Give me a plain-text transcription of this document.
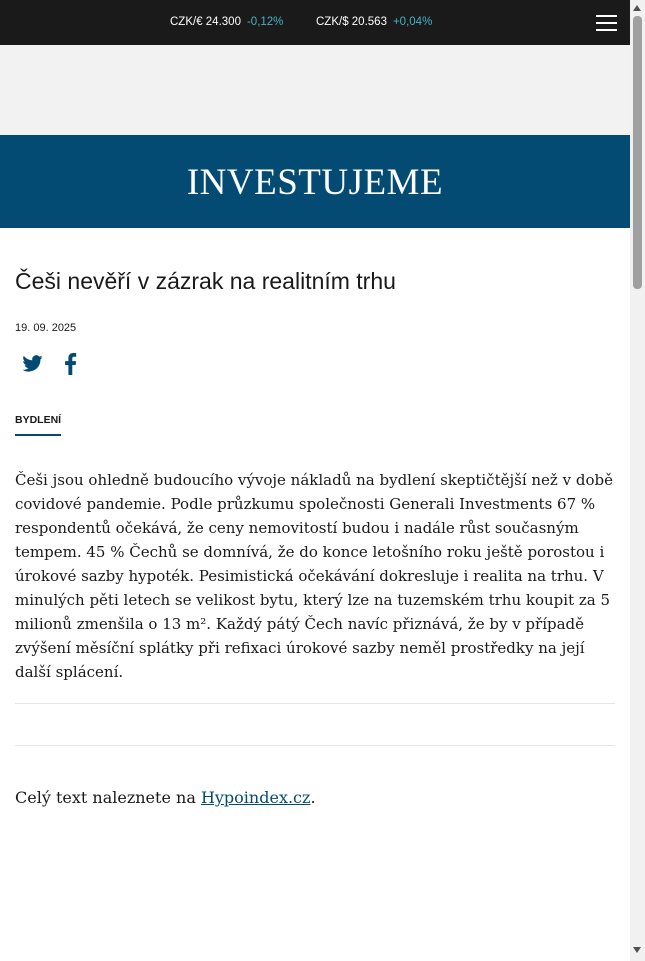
CZK/€ 24.300 -0,12%	CZK/$ 20.563 +0,04%
INVESTUJEME
Češi nevěří v zázrak na realitním trhu
19. 09. 2025
BYDLENÍ

Češi jsou ohledně budoucího vývoje nákladů na bydlení skeptičtější než v době covidové pandemie. Podle průzkumu společnosti Generali Investments 67 % respondentů očekává, že ceny nemovitostí budou i nadále růst současným tempem. 45 % Čechů se domnívá, že do konce letošního roku ještě porostou i úrokové sazby hypoték. Pesimistická očekávání dokresluje i realita na trhu. V minulých pěti letech se velikost bytu, který lze na tuzemském trhu koupit za 5 milionů zmenšila o 13 m². Každý pátý Čech navíc přiznává, že by v případě zvýšení měsíční splátky při refixaci úrokové sazby neměl prostředky na její další splácení.

Celý text naleznete na Hypoindex.cz.
